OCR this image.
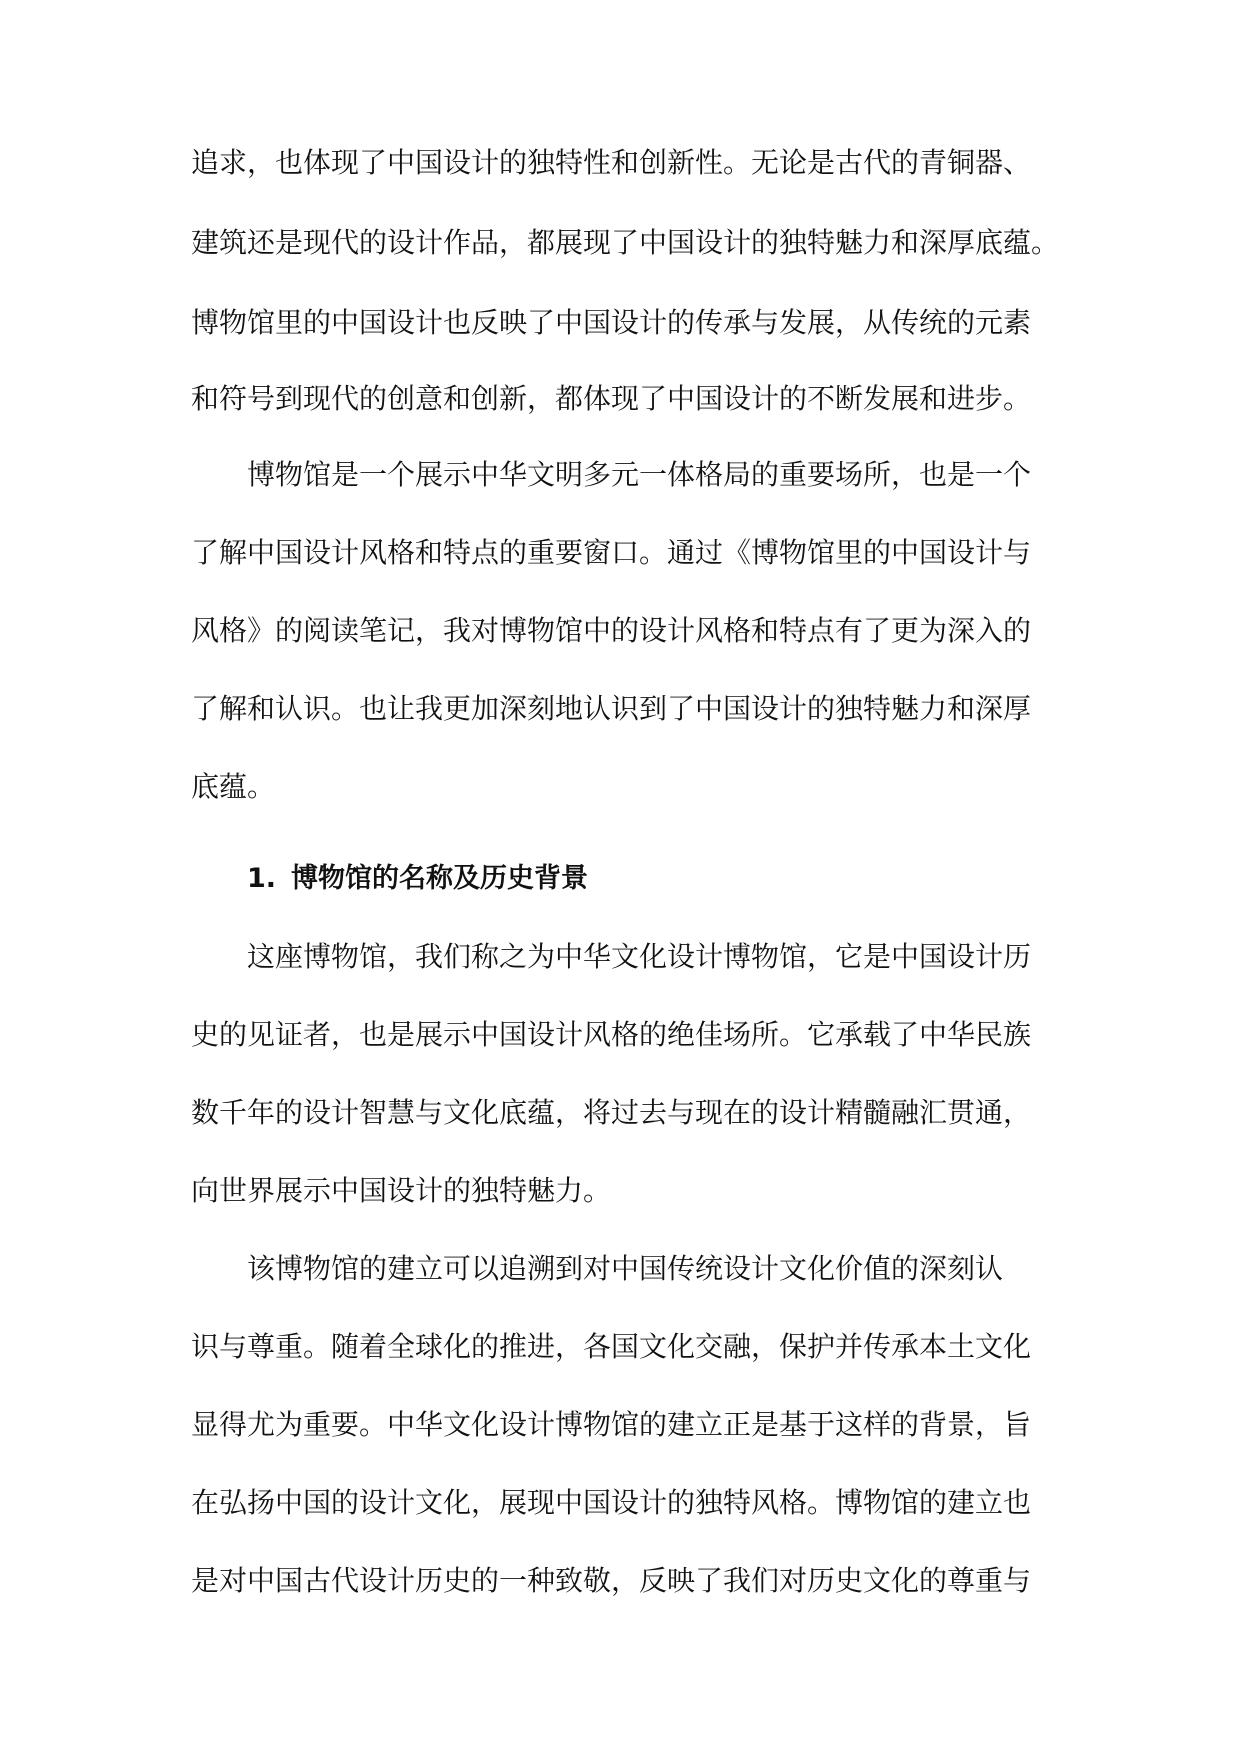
追求，也体现了中国设计的独特性和创新性。无论是古代的青铜器、

建筑还是现代的设计作品，都展现了中国设计的独特魅力和深厚底蕴。

博物馆里的中国设计也反映了中国设计的传承与发展，从传统的元素

和符号到现代的创意和创新，都体现了中国设计的不断发展和进步。

博物馆是一个展示中华文明多元一体格局的重要场所，也是一个

了解中国设计风格和特点的重要窗口。通过《博物馆里的中国设计与

风格》的阅读笔记，我对博物馆中的设计风格和特点有了更为深入的

了解和认识。也让我更加深刻地认识到了中国设计的独特魅力和深厚

底蕴。

1. 博物馆的名称及历史背景

这座博物馆，我们称之为中华文化设计博物馆，它是中国设计历

史的见证者，也是展示中国设计风格的绝佳场所。它承载了中华民族

数千年的设计智慧与文化底蕴，将过去与现在的设计精髓融汇贯通，

向世界展示中国设计的独特魅力。

该博物馆的建立可以追溯到对中国传统设计文化价值的深刻认

识与尊重。随着全球化的推进，各国文化交融，保护并传承本土文化

显得尤为重要。中华文化设计博物馆的建立正是基于这样的背景，旨

在弘扬中国的设计文化，展现中国设计的独特风格。博物馆的建立也

是对中国古代设计历史的一种致敬，反映了我们对历史文化的尊重与
